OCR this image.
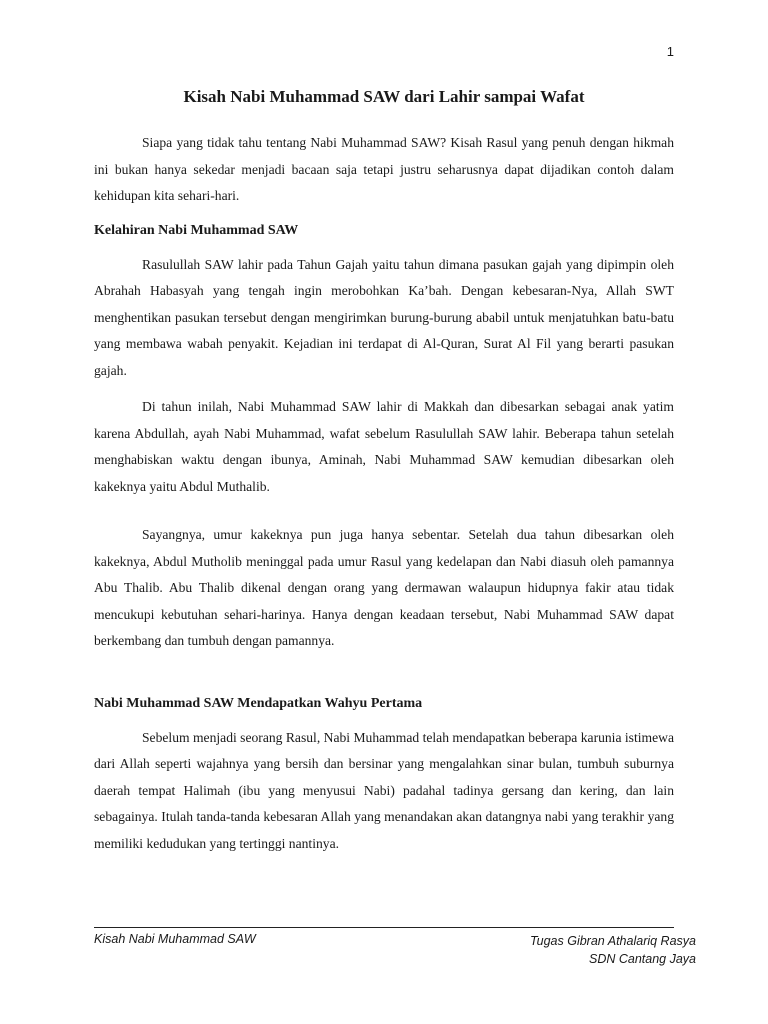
1
Kisah Nabi Muhammad SAW dari Lahir sampai Wafat

Siapa yang tidak tahu tentang Nabi Muhammad SAW? Kisah Rasul yang penuh dengan hikmah ini bukan hanya sekedar menjadi bacaan saja tetapi justru seharusnya dapat dijadikan contoh dalam kehidupan kita sehari-hari.

Kelahiran Nabi Muhammad SAW

Rasulullah SAW lahir pada Tahun Gajah yaitu tahun dimana pasukan gajah yang dipimpin oleh Abrahah Habasyah yang tengah ingin merobohkan Ka’bah. Dengan kebesaran-Nya, Allah SWT menghentikan pasukan tersebut dengan mengirimkan burung-burung ababil untuk menjatuhkan batu-batu yang membawa wabah penyakit. Kejadian ini terdapat di Al-Quran, Surat Al Fil yang berarti pasukan gajah.

Di tahun inilah, Nabi Muhammad SAW lahir di Makkah dan dibesarkan sebagai anak yatim karena Abdullah, ayah Nabi Muhammad, wafat sebelum Rasulullah SAW lahir. Beberapa tahun setelah menghabiskan waktu dengan ibunya, Aminah, Nabi Muhammad SAW kemudian dibesarkan oleh kakeknya yaitu Abdul Muthalib.

Sayangnya, umur kakeknya pun juga hanya sebentar. Setelah dua tahun dibesarkan oleh kakeknya, Abdul Mutholib meninggal pada umur Rasul yang kedelapan dan Nabi diasuh oleh pamannya Abu Thalib. Abu Thalib dikenal dengan orang yang dermawan walaupun hidupnya fakir atau tidak mencukupi kebutuhan sehari-harinya. Hanya dengan keadaan tersebut, Nabi Muhammad SAW dapat berkembang dan tumbuh dengan pamannya.

Nabi Muhammad SAW Mendapatkan Wahyu Pertama

Sebelum menjadi seorang Rasul, Nabi Muhammad telah mendapatkan beberapa karunia istimewa dari Allah seperti wajahnya yang bersih dan bersinar yang mengalahkan sinar bulan, tumbuh suburnya daerah tempat Halimah (ibu yang menyusui Nabi) padahal tadinya gersang dan kering, dan lain sebagainya. Itulah tanda-tanda kebesaran Allah yang menandakan akan datangnya nabi yang terakhir yang memiliki kedudukan yang tertinggi nantinya.

Kisah Nabi Muhammad SAW	Tugas Gibran Athalariq Rasya
SDN Cantang Jaya
